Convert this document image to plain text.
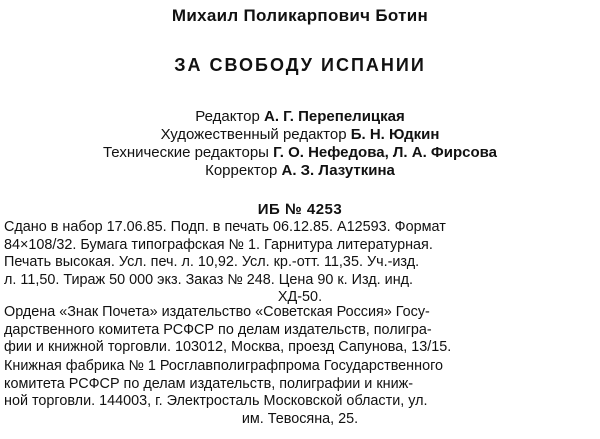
Михаил Поликарпович Ботин
ЗА СВОБОДУ ИСПАНИИ
Редактор А. Г. Перепелицкая
Художественный редактор Б. Н. Юдкин
Технические редакторы Г. О. Нефедова, Л. А. Фирсова
Корректор А. З. Лазуткина
ИБ № 4253
Сдано в набор 17.06.85. Подп. в печать 06.12.85. А12593. Формат
84×108/32. Бумага типографская № 1. Гарнитура литературная.
Печать высокая. Усл. печ. л. 10,92. Усл. кр.-отт. 11,35. Уч.-изд.
л. 11,50. Тираж 50 000 экз. Заказ № 248. Цена 90 к. Изд. инд.
ХД-50.
Ордена «Знак Почета» издательство «Советская Россия» Госу-
дарственного комитета РСФСР по делам издательств, полигра-
фии и книжной торговли. 103012, Москва, проезд Сапунова, 13/15.
Книжная фабрика № 1 Росглавполиграфпрома Государственного
комитета РСФСР по делам издательств, полиграфии и книж-
ной торговли. 144003, г. Электросталь Московской области, ул.
им. Тевосяна, 25.
